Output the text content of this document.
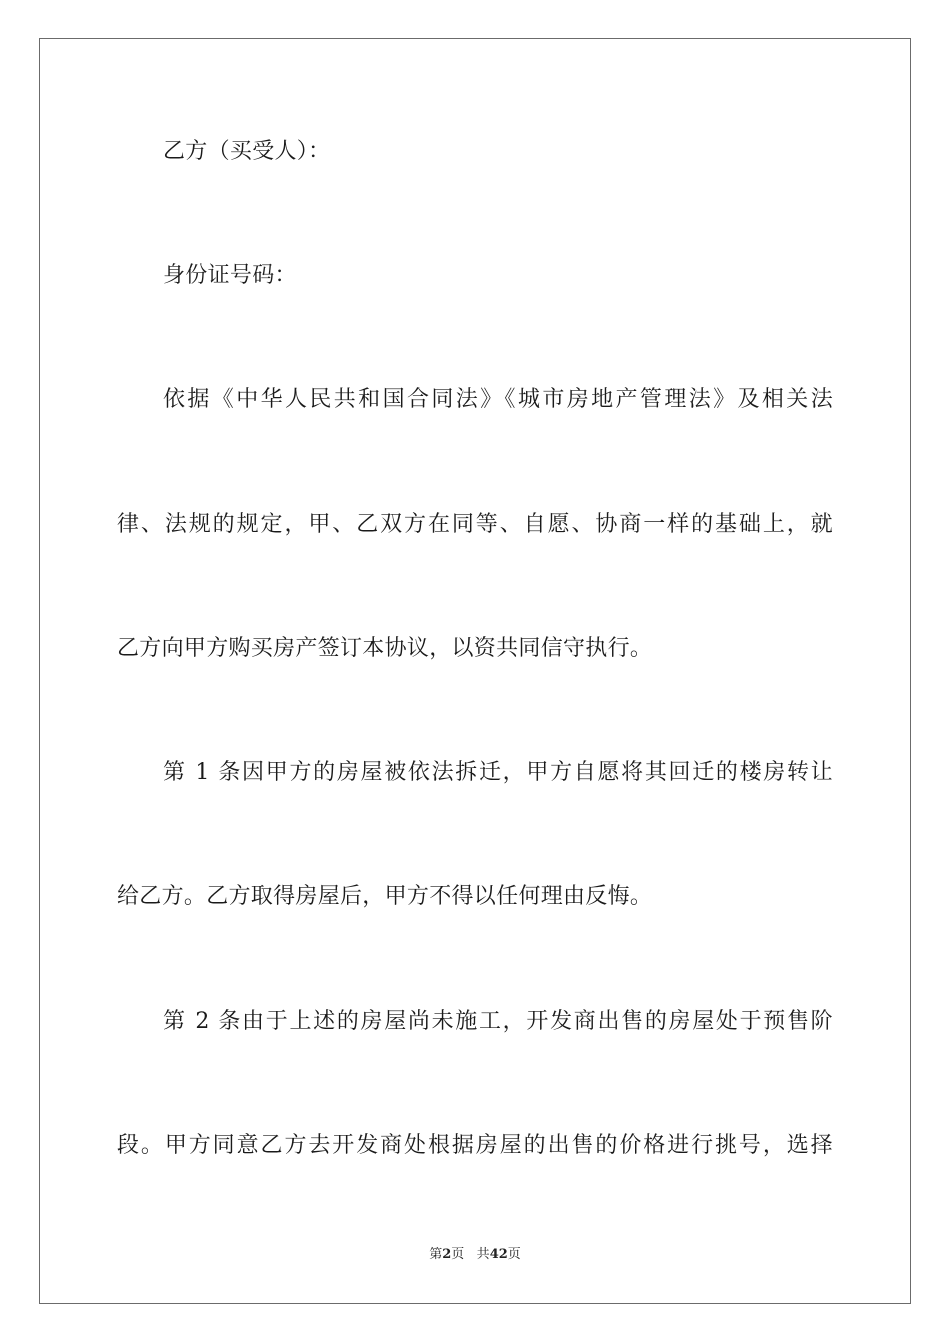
乙方（买受人）：
身份证号码：
依据《中华人民共和国合同法》《城市房地产管理法》及相关法
律、法规的规定，甲、乙双方在同等、自愿、协商一样的基础上，就
乙方向甲方购买房产签订本协议，以资共同信守执行。
第 1 条因甲方的房屋被依法拆迁，甲方自愿将其回迁的楼房转让
给乙方。乙方取得房屋后，甲方不得以任何理由反悔。
第 2 条由于上述的房屋尚未施工，开发商出售的房屋处于预售阶
段。甲方同意乙方去开发商处根据房屋的出售的价格进行挑号，选择
第2页 共42页
